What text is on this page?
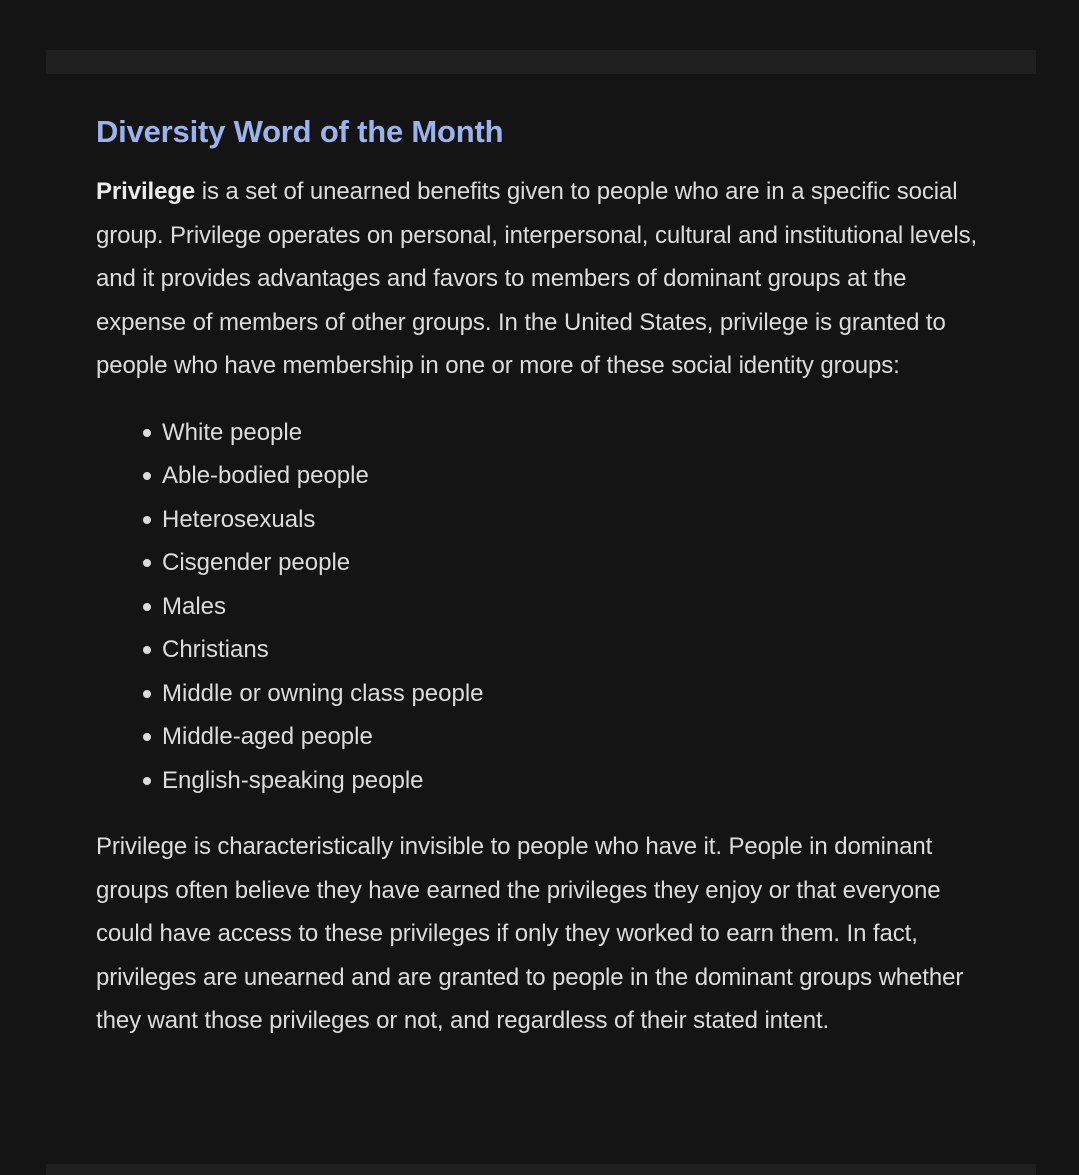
Diversity Word of the Month

Privilege is a set of unearned benefits given to people who are in a specific social group. Privilege operates on personal, interpersonal, cultural and institutional levels, and it provides advantages and favors to members of dominant groups at the expense of members of other groups. In the United States, privilege is granted to people who have membership in one or more of these social identity groups:

White people
Able-bodied people
Heterosexuals
Cisgender people
Males
Christians
Middle or owning class people
Middle-aged people
English-speaking people

Privilege is characteristically invisible to people who have it. People in dominant groups often believe they have earned the privileges they enjoy or that everyone could have access to these privileges if only they worked to earn them. In fact, privileges are unearned and are granted to people in the dominant groups whether they want those privileges or not, and regardless of their stated intent.
